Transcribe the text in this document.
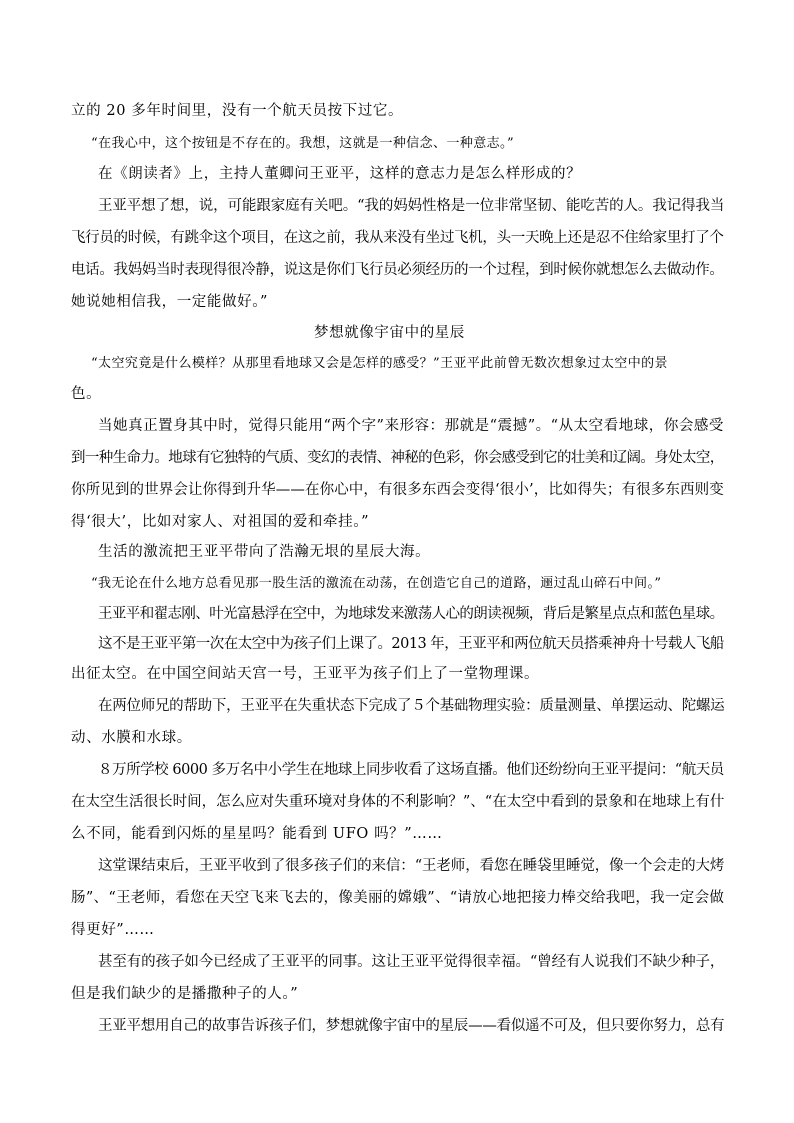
立的 20 多年时间里，没有一个航天员按下过它。
“在我心中，这个按钮是不存在的。我想，这就是一种信念、一种意志。”
在《朗读者》上，主持人董卿问王亚平，这样的意志力是怎么样形成的？
王亚平想了想，说，可能跟家庭有关吧。“我的妈妈性格是一位非常坚韧、能吃苦的人。我记得我当
飞行员的时候，有跳伞这个项目，在这之前，我从来没有坐过飞机，头一天晚上还是忍不住给家里打了个
电话。我妈妈当时表现得很冷静，说这是你们飞行员必须经历的一个过程，到时候你就想怎么去做动作。
她说她相信我，一定能做好。”
梦想就像宇宙中的星辰
“太空究竟是什么模样？从那里看地球又会是怎样的感受？”王亚平此前曾无数次想象过太空中的景
色。
当她真正置身其中时，觉得只能用“两个字”来形容：那就是“震撼”。“从太空看地球，你会感受
到一种生命力。地球有它独特的气质、变幻的表情、神秘的色彩，你会感受到它的壮美和辽阔。身处太空，
你所见到的世界会让你得到升华——在你心中，有很多东西会变得‘很小’，比如得失；有很多东西则变
得‘很大’，比如对家人、对祖国的爱和牵挂。”
生活的激流把王亚平带向了浩瀚无垠的星辰大海。
“我无论在什么地方总看见那一股生活的激流在动荡，在创造它自己的道路，逦过乱山碎石中间。”
王亚平和翟志刚、叶光富悬浮在空中，为地球发来激荡人心的朗读视频，背后是繁星点点和蓝色星球。
这不是王亚平第一次在太空中为孩子们上课了。2013 年，王亚平和两位航天员搭乘神舟十号载人飞船
出征太空。在中国空间站天宫一号，王亚平为孩子们上了一堂物理课。
在两位师兄的帮助下，王亚平在失重状态下完成了５个基础物理实验：质量测量、单摆运动、陀螺运
动、水膜和水球。
８万所学校 6000 多万名中小学生在地球上同步收看了这场直播。他们还纷纷向王亚平提问：“航天员
在太空生活很长时间，怎么应对失重环境对身体的不利影响？”、“在太空中看到的景象和在地球上有什
么不同，能看到闪烁的星星吗？能看到 UFO 吗？”……
这堂课结束后，王亚平收到了很多孩子们的来信：“王老师，看您在睡袋里睡觉，像一个会走的大烤
肠”、“王老师，看您在天空飞来飞去的，像美丽的嫦娥”、“请放心地把接力棒交给我吧，我一定会做
得更好”……
甚至有的孩子如今已经成了王亚平的同事。这让王亚平觉得很幸福。“曾经有人说我们不缺少种子，
但是我们缺少的是播撒种子的人。”
王亚平想用自己的故事告诉孩子们，梦想就像宇宙中的星辰——看似遥不可及，但只要你努力，总有
